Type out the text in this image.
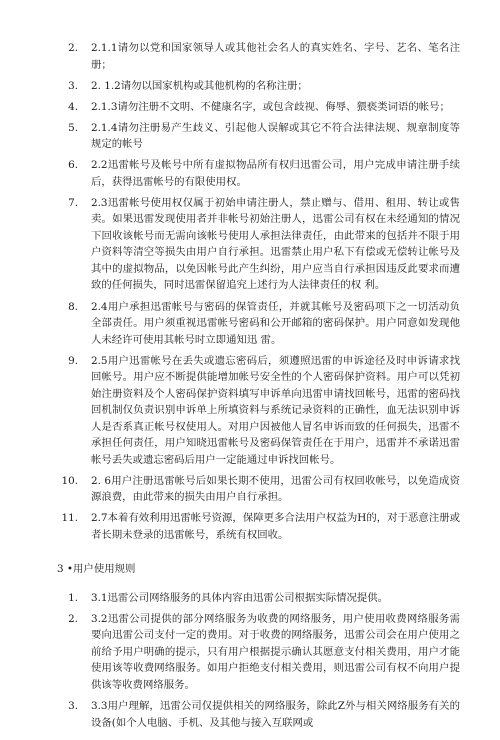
2.	2.1.1请勿以党和国家领导人或其他社会名人的真实姓名、字号、艺名、笔名注册；
3.	2. 1.2请勿以国家机构或其他机构的名称注册；
4.	2.1.3请勿注册不文明、不健康名字，或包含歧视、侮辱、猥亵类词语的帐号；
5.	2.1.4请勿注册易产生歧义、引起他人误解或其它不符合法律法规、规章制度等规定的帐号
6.	2.2迅雷帐号及帐号中所有虚拟物品所有权归迅雷公司，用户完成申请注册手续后，获得迅雷帐号的有限使用权。
7.	2.3迅雷帐号使用权仅属于初始申请注册人，禁止赠与、借用、租用、转让或售卖。如果迅雷发现使用者并非帐号初始注册人，迅雷公司有权在未经通知的情况下回收该帐号而无需向该帐号使用人承担法律责任，由此带来的包括并不限于用户资料等清空等损失由用户自行承担。迅雷禁止用户私下有偿或无偿转让帐号及其中的虚拟物品，以免因帐号此产生纠纷，用户应当自行承担因违反此要求而遭致的任何损失，同时迅雷保留追究上述行为人法律责任的权 利。
8.	2.4用户承担迅雷帐号与密码的保管责任，并就其帐号及密码项下之一切活动负全部责任。用户须重视迅雷帐号密码和公开邮箱的密码保护。用户同意如发现他人未经许可使用其帐号时立即通知迅 雷。
9.	2.5用户迅雷帐号在丢失或遗忘密码后，须遵照迅雷的申诉途径及时申诉请求找回帐号。用户应不断提供能增加帐号安全性的个人密码保护资料。用户可以凭初始注册资料及个人密码保护资料填写申诉单向迅雷申请找回帐号，迅雷的密码找回机制仅负责识别申诉单上所填资料与系统记录资料的正确性，血无法识别申诉人是否系真正帐号权使用人。对用户因被他人冒名申诉而致的任何损失，迅雷不承担任何责任，用户知晓迅雷帐号及密码保管责任在于用户，迅雷并不承诺迅雷帐号丢失或遗忘密码后用户一定能通过申诉找回帐号。
10.	2. 6用户注册迅雷帐号后如果长期不使用，迅雷公司有权回收帐号，以免造成资源浪费，由此带来的损失由用户自行承担。
11.	2.7本着有效利用迅雷帐号资源，保障更多合法用户权益为H的，对于恶意注册或者长期未登录的迅雷帐号，系统有权回收。
3 •用户使用规则
1.	3.1迅雷公司网络服务的具体内容由迅雷公司根据实际情况提供。
2.	3.2迅雷公司提供的部分网络服务为收费的网络服务，用户使用收费网络服务需要向迅雷公司支付一定的费用。对于收费的网络服务，迅雷公司会在用户使用之前给予用户明确的提示，只有用户根据提示确认其愿意支付相关费用，用户才能使用该等收费网络服务。如用户拒绝支付相关费用，则迅雷公司有权不向用户提供该等收费网络服务。
3.	3.3用户理解，迅雷公司仅提供相关的网络服务，除此Z外与相关网络服务有关的设备(如个人电脑、手机、及其他与接入互联网或
